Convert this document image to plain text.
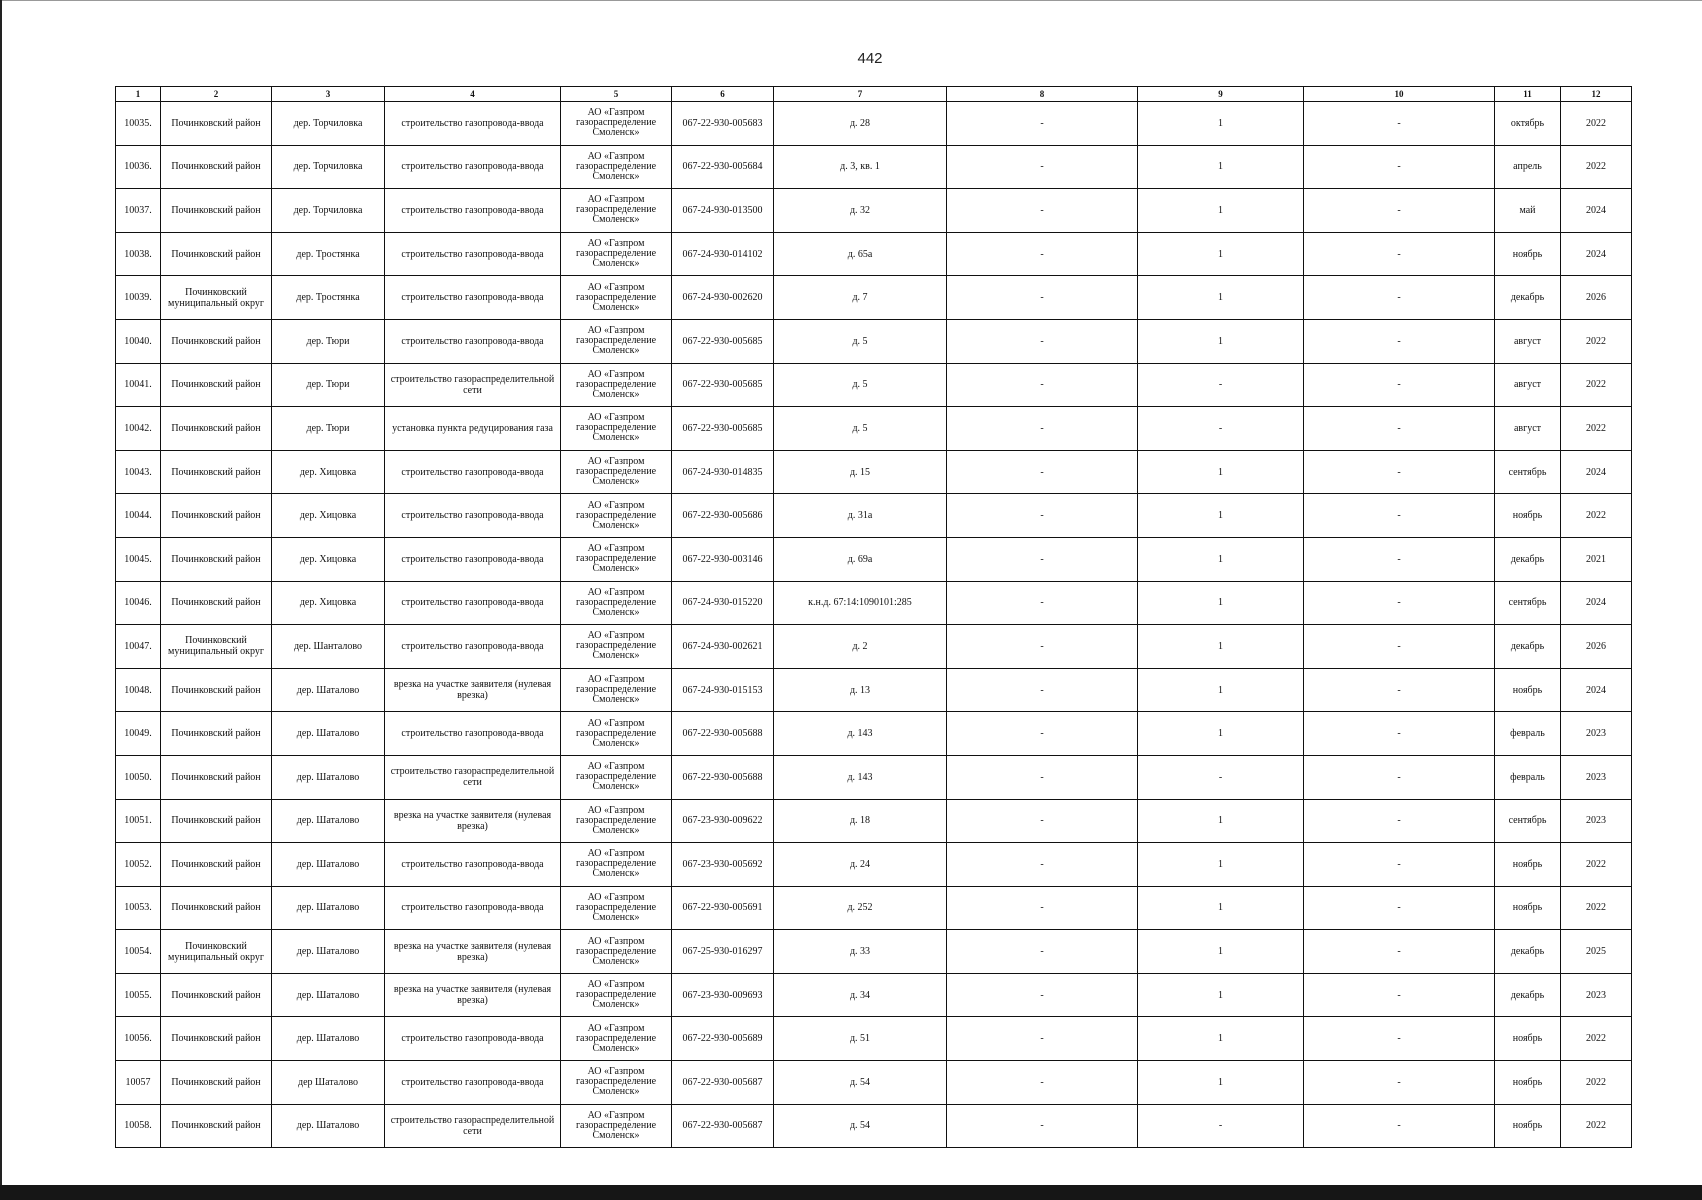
442
1	2	3	4	5	6	7	8	9	10	11	12
10035.	Починковский район	дер. Торчиловка	строительство газопровода-ввода	АО «Газпром газораспределение Смоленск»	067-22-930-005683	д. 28	-	1	-	октябрь	2022
10036.	Починковский район	дер. Торчиловка	строительство газопровода-ввода	АО «Газпром газораспределение Смоленск»	067-22-930-005684	д. 3, кв. 1	-	1	-	апрель	2022
10037.	Починковский район	дер. Торчиловка	строительство газопровода-ввода	АО «Газпром газораспределение Смоленск»	067-24-930-013500	д. 32	-	1	-	май	2024
10038.	Починковский район	дер. Тростянка	строительство газопровода-ввода	АО «Газпром газораспределение Смоленск»	067-24-930-014102	д. 65а	-	1	-	ноябрь	2024
10039.	Починковский муниципальный округ	дер. Тростянка	строительство газопровода-ввода	АО «Газпром газораспределение Смоленск»	067-24-930-002620	д. 7	-	1	-	декабрь	2026
10040.	Починковский район	дер. Тюри	строительство газопровода-ввода	АО «Газпром газораспределение Смоленск»	067-22-930-005685	д. 5	-	1	-	август	2022
10041.	Починковский район	дер. Тюри	строительство газораспределительной сети	АО «Газпром газораспределение Смоленск»	067-22-930-005685	д. 5	-	-	-	август	2022
10042.	Починковский район	дер. Тюри	установка пункта редуцирования газа	АО «Газпром газораспределение Смоленск»	067-22-930-005685	д. 5	-	-	-	август	2022
10043.	Починковский район	дер. Хицовка	строительство газопровода-ввода	АО «Газпром газораспределение Смоленск»	067-24-930-014835	д. 15	-	1	-	сентябрь	2024
10044.	Починковский район	дер. Хицовка	строительство газопровода-ввода	АО «Газпром газораспределение Смоленск»	067-22-930-005686	д. 31а	-	1	-	ноябрь	2022
10045.	Починковский район	дер. Хицовка	строительство газопровода-ввода	АО «Газпром газораспределение Смоленск»	067-22-930-003146	д. 69а	-	1	-	декабрь	2021
10046.	Починковский район	дер. Хицовка	строительство газопровода-ввода	АО «Газпром газораспределение Смоленск»	067-24-930-015220	к.н.д. 67:14:1090101:285	-	1	-	сентябрь	2024
10047.	Починковский муниципальный округ	дер. Шанталово	строительство газопровода-ввода	АО «Газпром газораспределение Смоленск»	067-24-930-002621	д. 2	-	1	-	декабрь	2026
10048.	Починковский район	дер. Шаталово	врезка на участке заявителя (нулевая врезка)	АО «Газпром газораспределение Смоленск»	067-24-930-015153	д. 13	-	1	-	ноябрь	2024
10049.	Починковский район	дер. Шаталово	строительство газопровода-ввода	АО «Газпром газораспределение Смоленск»	067-22-930-005688	д. 143	-	1	-	февраль	2023
10050.	Починковский район	дер. Шаталово	строительство газораспределительной сети	АО «Газпром газораспределение Смоленск»	067-22-930-005688	д. 143	-	-	-	февраль	2023
10051.	Починковский район	дер. Шаталово	врезка на участке заявителя (нулевая врезка)	АО «Газпром газораспределение Смоленск»	067-23-930-009622	д. 18	-	1	-	сентябрь	2023
10052.	Починковский район	дер. Шаталово	строительство газопровода-ввода	АО «Газпром газораспределение Смоленск»	067-23-930-005692	д. 24	-	1	-	ноябрь	2022
10053.	Починковский район	дер. Шаталово	строительство газопровода-ввода	АО «Газпром газораспределение Смоленск»	067-22-930-005691	д. 252	-	1	-	ноябрь	2022
10054.	Починковский муниципальный округ	дер. Шаталово	врезка на участке заявителя (нулевая врезка)	АО «Газпром газораспределение Смоленск»	067-25-930-016297	д. 33	-	1	-	декабрь	2025
10055.	Починковский район	дер. Шаталово	врезка на участке заявителя (нулевая врезка)	АО «Газпром газораспределение Смоленск»	067-23-930-009693	д. 34	-	1	-	декабрь	2023
10056.	Починковский район	дер. Шаталово	строительство газопровода-ввода	АО «Газпром газораспределение Смоленск»	067-22-930-005689	д. 51	-	1	-	ноябрь	2022
10057	Починковский район	дер Шаталово	строительство газопровода-ввода	АО «Газпром газораспределение Смоленск»	067-22-930-005687	д. 54	-	1	-	ноябрь	2022
10058.	Починковский район	дер. Шаталово	строительство газораспределительной сети	АО «Газпром газораспределение Смоленск»	067-22-930-005687	д. 54	-	-	-	ноябрь	2022
